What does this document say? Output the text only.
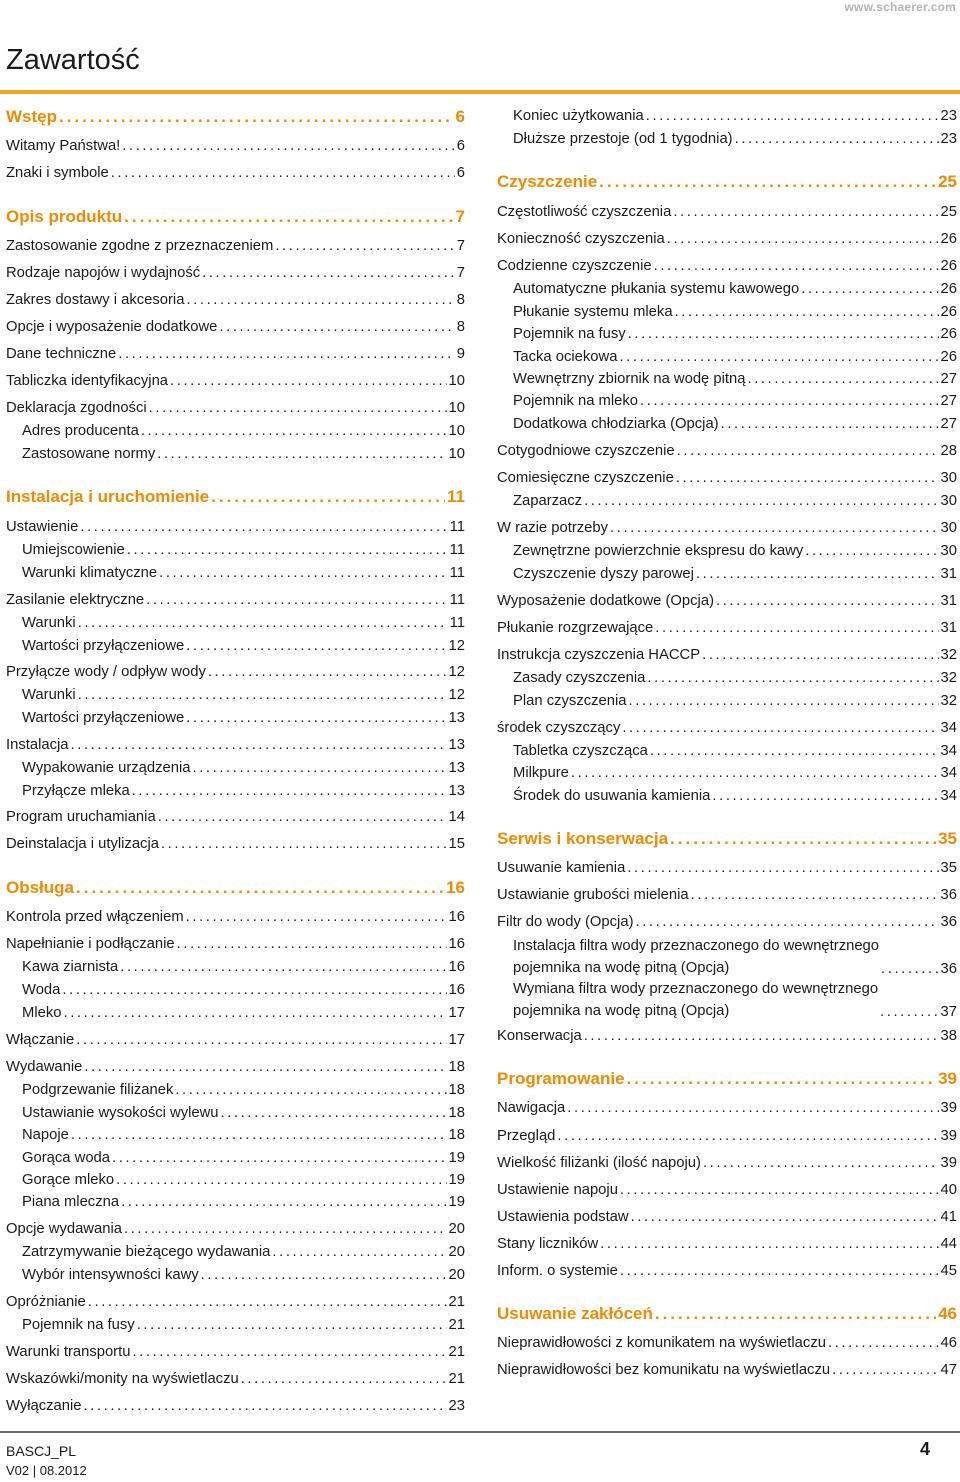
www.schaerer.com
Zawartość
Wstęp .....	6
Witamy Państwa! .....	6
Znaki i symbole .....	6
Opis produktu .....	7
Zastosowanie zgodne z przeznaczeniem .....	7
Rodzaje napojów i wydajność .....	7
Zakres dostawy i akcesoria .....	8
Opcje i wyposażenie dodatkowe .....	8
Dane techniczne .....	9
Tabliczka identyfikacyjna .....	10
Deklaracja zgodności .....	10
Adres producenta .....	10
Zastosowane normy .....	10
Instalacja i uruchomienie .....	11
Ustawienie .....	11
Umiejscowienie .....	11
Warunki klimatyczne .....	11
Zasilanie elektryczne .....	11
Warunki .....	11
Wartości przyłączeniowe .....	12
Przyłącze wody / odpływ wody .....	12
Warunki .....	12
Wartości przyłączeniowe .....	13
Instalacja .....	13
Wypakowanie urządzenia .....	13
Przyłącze mleka .....	13
Program uruchamiania .....	14
Deinstalacja i utylizacja .....	15
Obsługa .....	16
Kontrola przed włączeniem .....	16
Napełnianie i podłączanie .....	16
Kawa ziarnista .....	16
Woda .....	16
Mleko .....	17
Włączanie .....	17
Wydawanie .....	18
Podgrzewanie filiżanek .....	18
Ustawianie wysokości wylewu .....	18
Napoje .....	18
Gorąca woda .....	19
Gorące mleko .....	19
Piana mleczna .....	19
Opcje wydawania .....	20
Zatrzymywanie bieżącego wydawania .....	20
Wybór intensywności kawy .....	20
Opróżnianie .....	21
Pojemnik na fusy .....	21
Warunki transportu .....	21
Wskazówki/monity na wyświetlaczu .....	21
Wyłączanie .....	23
Koniec użytkowania .....	23
Dłuższe przestoje (od 1 tygodnia) .....	23
Czyszczenie .....	25
Częstotliwość czyszczenia .....	25
Konieczność czyszczenia .....	26
Codzienne czyszczenie .....	26
Automatyczne płukania systemu kawowego .....	26
Płukanie systemu mleka .....	26
Pojemnik na fusy .....	26
Tacka ociekowa .....	26
Wewnętrzny zbiornik na wodę pitną .....	27
Pojemnik na mleko .....	27
Dodatkowa chłodziarka (Opcja) .....	27
Cotygodniowe czyszczenie .....	28
Comiesięczne czyszczenie .....	30
Zaparzacz .....	30
W razie potrzeby .....	30
Zewnętrzne powierzchnie ekspresu do kawy .....	30
Czyszczenie dyszy parowej .....	31
Wyposażenie dodatkowe (Opcja) .....	31
Płukanie rozgrzewające .....	31
Instrukcja czyszczenia HACCP .....	32
Zasady czyszczenia .....	32
Plan czyszczenia .....	32
środek czyszczący .....	34
Tabletka czyszcząca .....	34
Milkpure .....	34
Środek do usuwania kamienia .....	34
Serwis i konserwacja .....	35
Usuwanie kamienia .....	35
Ustawianie grubości mielenia .....	36
Filtr do wody (Opcja) .....	36
Instalacja filtra wody przeznaczonego do wewnętrznego
pojemnika na wodę pitną (Opcja) .....	36
Wymiana filtra wody przeznaczonego do wewnętrznego
pojemnika na wodę pitną (Opcja) .....	37
Konserwacja .....	38
Programowanie .....	39
Nawigacja .....	39
Przegląd .....	39
Wielkość filiżanki (ilość napoju) .....	39
Ustawienie napoju .....	40
Ustawienia podstaw .....	41
Stany liczników .....	44
Inform. o systemie .....	45
Usuwanie zakłóceń .....	46
Nieprawidłowości z komunikatem na wyświetlaczu .....	46
Nieprawidłowości bez komunikatu na wyświetlaczu .....	47
BASCJ_PL
V02 | 08.2012
4
